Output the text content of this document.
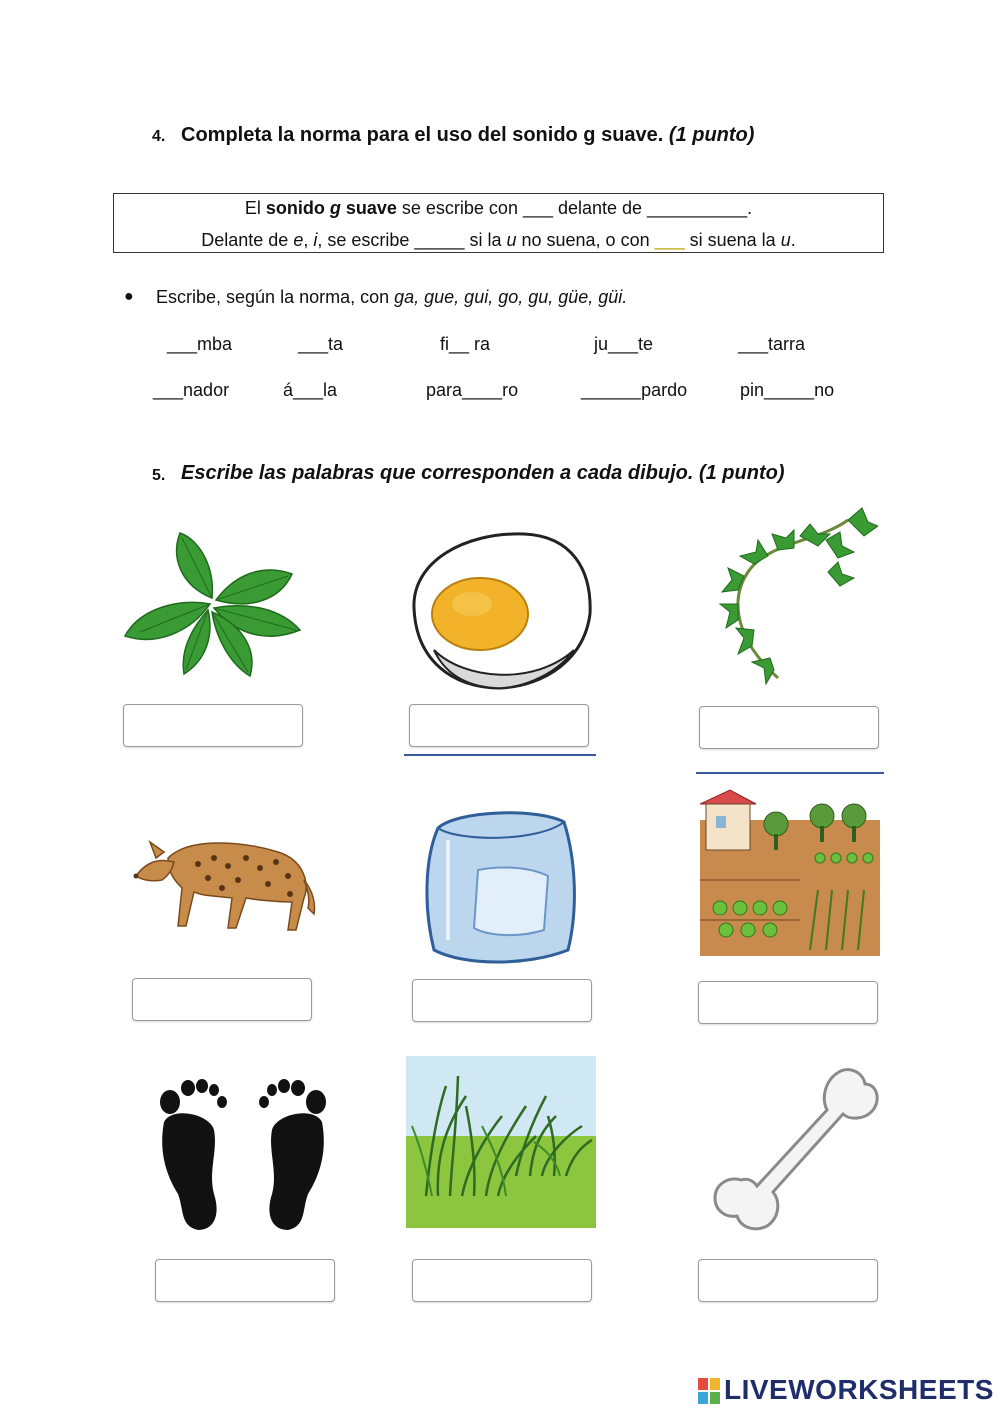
4. Completa la norma para el uso del sonido g suave. (1 punto)
El sonido g suave se escribe con ___ delante de __________.
Delante de e, i, se escribe _____ si la u no suena, o con ___ si suena la u.
● Escribe, según la norma, con ga, gue, gui, go, gu, güe, güi.
___mba	___ta	fi__ ra	ju___te	___tarra
___nador	á___la	para____ro	______pardo	pin_____no
5. Escribe las palabras que corresponden a cada dibujo. (1 punto)
LIVEWORKSHEETS
